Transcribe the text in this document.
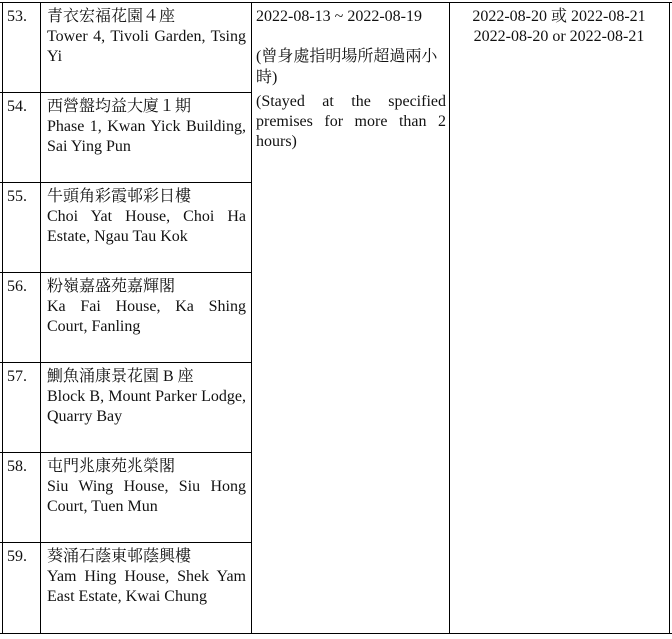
53. 青衣宏福花園４座
Tower 4, Tivoli Garden, Tsing Yi
54. 西營盤均益大廈１期
Phase 1, Kwan Yick Building, Sai Ying Pun
55. 牛頭角彩霞邨彩日樓
Choi Yat House, Choi Ha Estate, Ngau Tau Kok
56. 粉嶺嘉盛苑嘉輝閣
Ka Fai House, Ka Shing Court, Fanling
57. 鰂魚涌康景花園 B 座
Block B, Mount Parker Lodge, Quarry Bay
58. 屯門兆康苑兆榮閣
Siu Wing House, Siu Hong Court, Tuen Mun
59. 葵涌石蔭東邨蔭興樓
Yam Hing House, Shek Yam East Estate, Kwai Chung
2022-08-13 ~ 2022-08-19
(曾身處指明場所超過兩小時)
(Stayed at the specified premises for more than 2 hours)
2022-08-20 或 2022-08-21
2022-08-20 or 2022-08-21
